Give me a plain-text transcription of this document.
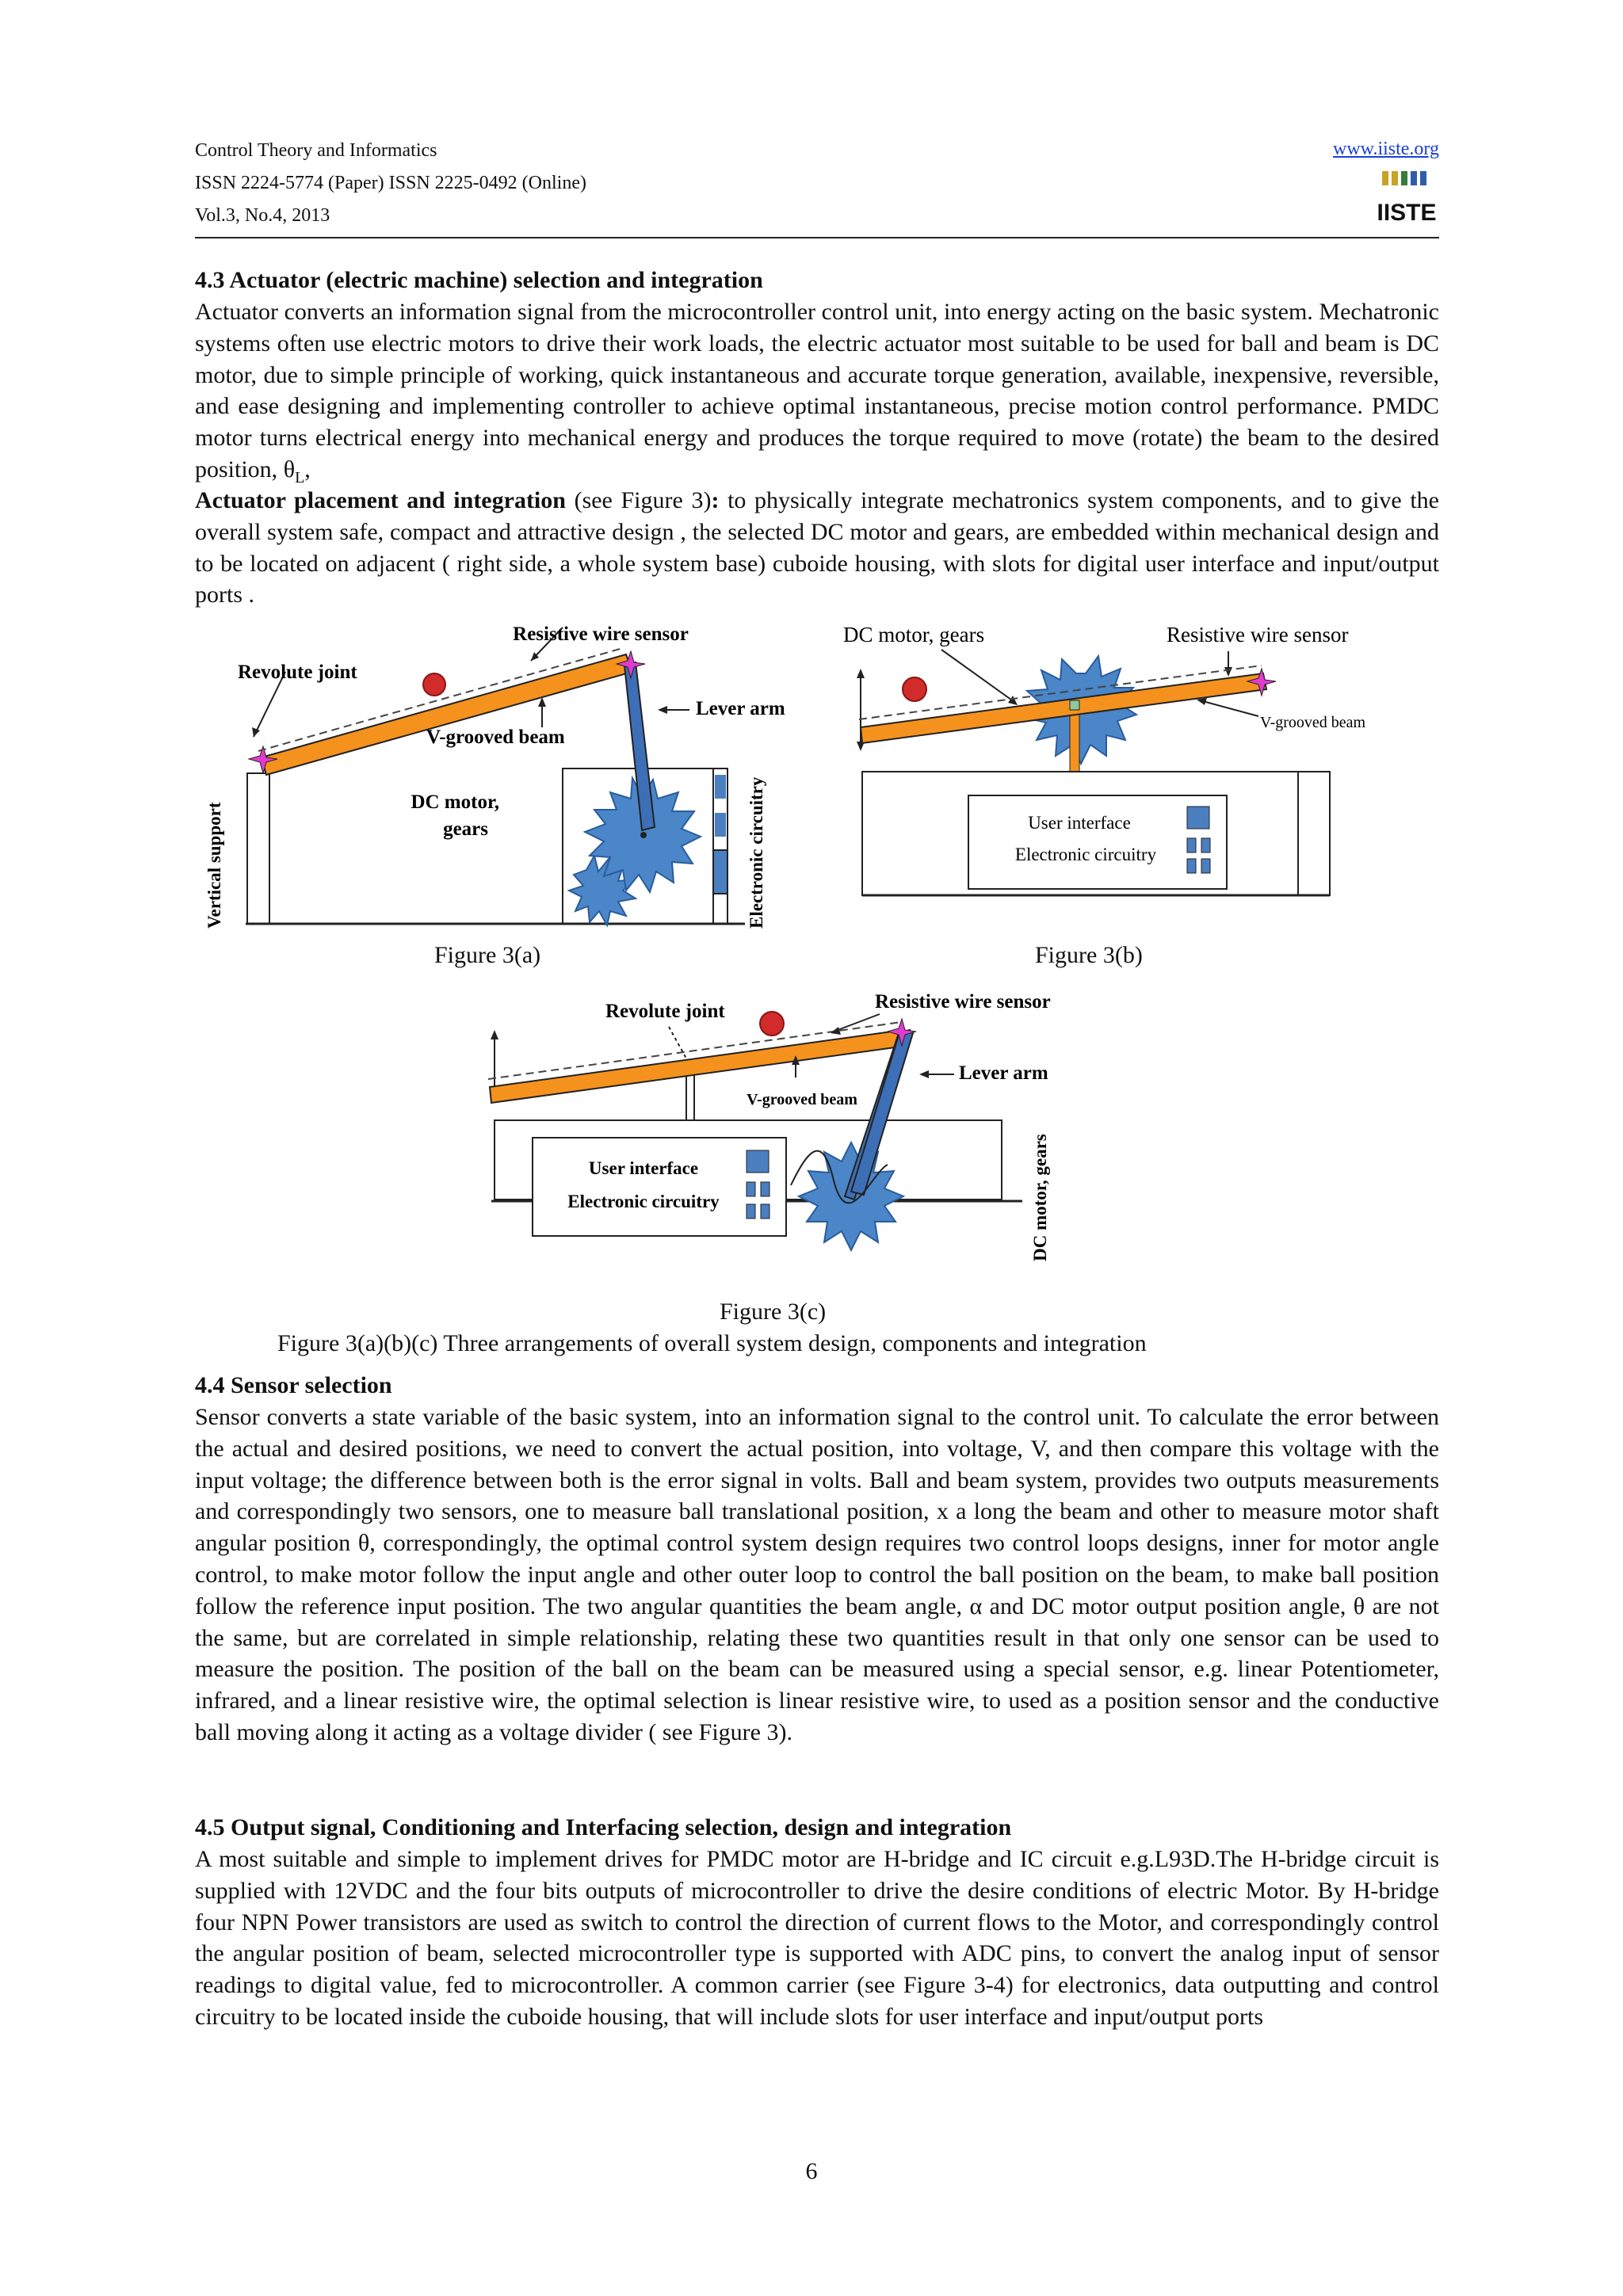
Control Theory and Informatics
ISSN 2224-5774 (Paper) ISSN 2225-0492 (Online)
Vol.3, No.4, 2013
www.iiste.org
IISTE
4.3 Actuator (electric machine) selection and integration
Actuator converts an information signal from the microcontroller control unit, into energy acting on the basic system. Mechatronic systems often use electric motors to drive their work loads, the electric actuator most suitable to be used for ball and beam is DC motor, due to simple principle of working, quick instantaneous and accurate torque generation, available, inexpensive, reversible, and ease designing and implementing controller to achieve optimal instantaneous, precise motion control performance. PMDC motor turns electrical energy into mechanical energy and produces the torque required to move (rotate) the beam to the desired position, $\theta_L$,
Actuator placement and integration (see Figure 3): to physically integrate mechatronics system components, and to give the overall system safe, compact and attractive design , the selected DC motor and gears, are embedded within mechanical design and to be located on adjacent ( right side, a whole system base) cuboide housing, with slots for digital user interface and input/output ports .
Resistive wire sensor
Revolute joint
Lever arm
V-grooved beam
DC motor,
gears
Vertical support	Electronic circuitry
Figure 3(a)
DC motor, gears	Resistive wire sensor
V-grooved beam
User interface
Electronic circuitry
Figure 3(b)
Revolute joint	Resistive wire sensor
Lever arm
V-grooved beam
User interface
Electronic circuitry	DC motor, gears
Figure 3(c)
Figure 3(a)(b)(c) Three arrangements of overall system design, components and integration
4.4 Sensor selection
Sensor converts a state variable of the basic system, into an information signal to the control unit. To calculate the error between the actual and desired positions, we need to convert the actual position, into voltage, V, and then compare this voltage with the input voltage; the difference between both is the error signal in volts. Ball and beam system, provides two outputs measurements and correspondingly two sensors, one to measure ball translational position, x a long the beam and other to measure motor shaft angular position θ, correspondingly, the optimal control system design requires two control loops designs, inner for motor angle control, to make motor follow the input angle and other outer loop to control the ball position on the beam, to make ball position follow the reference input position. The two angular quantities the beam angle, α and DC motor output position angle, θ are not the same, but are correlated in simple relationship, relating these two quantities result in that only one sensor can be used to measure the position. The position of the ball on the beam can be measured using a special sensor, e.g. linear Potentiometer, infrared, and a linear resistive wire, the optimal selection is linear resistive wire, to used as a position sensor and the conductive ball moving along it acting as a voltage divider ( see Figure 3).
4.5 Output signal, Conditioning and Interfacing selection, design and integration
A most suitable and simple to implement drives for PMDC motor are H-bridge and IC circuit e.g.L93D.The H-bridge circuit is supplied with 12VDC and the four bits outputs of microcontroller to drive the desire conditions of electric Motor. By H-bridge four NPN Power transistors are used as switch to control the direction of current flows to the Motor, and correspondingly control the angular position of beam, selected microcontroller type is supported with ADC pins, to convert the analog input of sensor readings to digital value, fed to microcontroller. A common carrier (see Figure 3-4) for electronics, data outputting and control circuitry to be located inside the cuboide housing, that will include slots for user interface and input/output ports
6
